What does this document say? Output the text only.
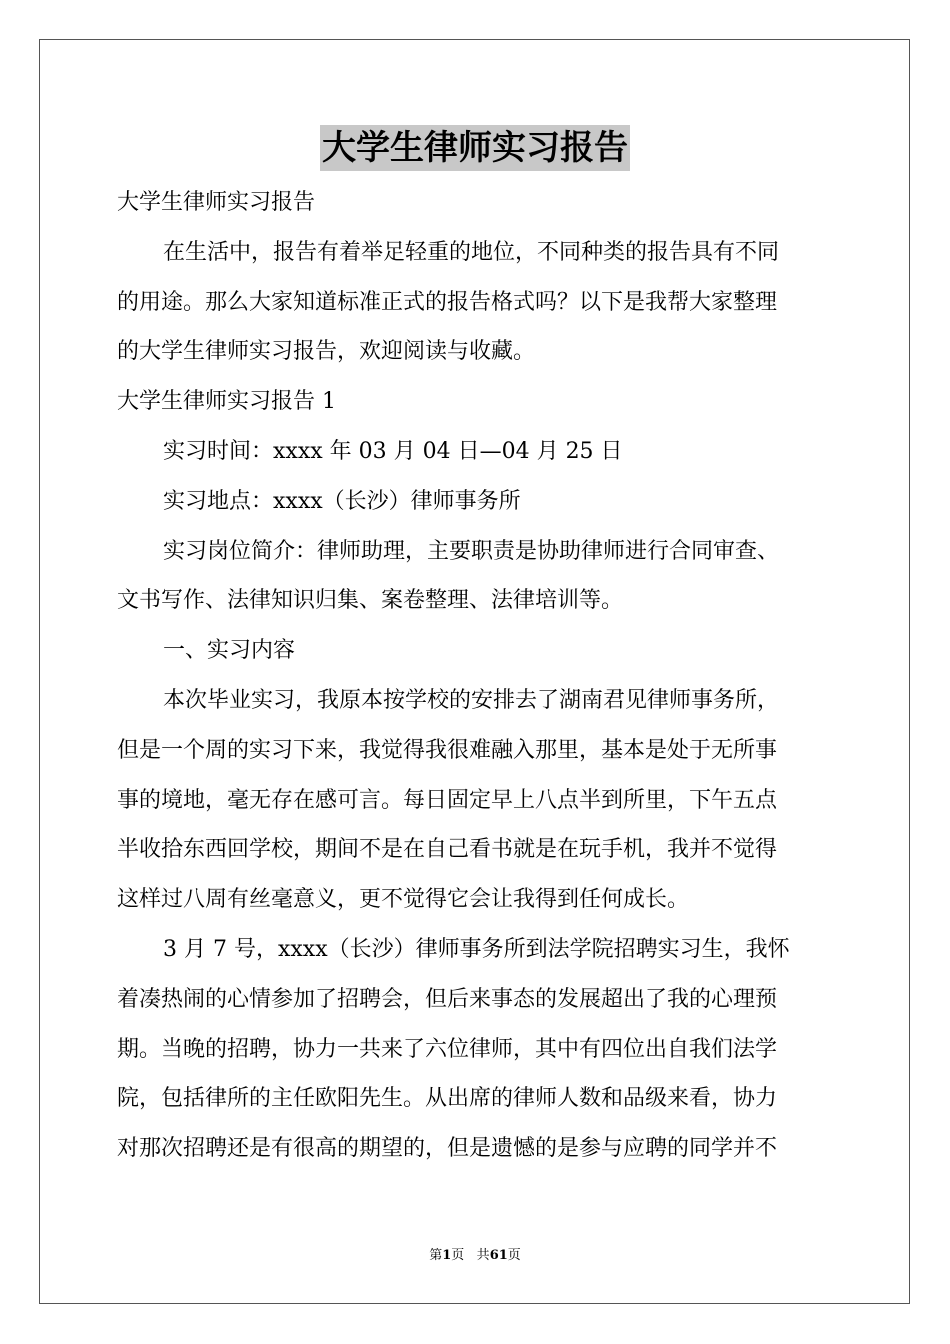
大学生律师实习报告

大学生律师实习报告

在生活中，报告有着举足轻重的地位，不同种类的报告具有不同

的用途。那么大家知道标准正式的报告格式吗？以下是我帮大家整理

的大学生律师实习报告，欢迎阅读与收藏。

大学生律师实习报告 1

实习时间：xxxx 年 03 月 04 日—04 月 25 日

实习地点：xxxx（长沙）律师事务所

实习岗位简介：律师助理，主要职责是协助律师进行合同审查、

文书写作、法律知识归集、案卷整理、法律培训等。

一、实习内容

本次毕业实习，我原本按学校的安排去了湖南君见律师事务所，

但是一个周的实习下来，我觉得我很难融入那里，基本是处于无所事

事的境地，毫无存在感可言。每日固定早上八点半到所里，下午五点

半收拾东西回学校，期间不是在自己看书就是在玩手机，我并不觉得

这样过八周有丝毫意义，更不觉得它会让我得到任何成长。

3 月 7 号，xxxx（长沙）律师事务所到法学院招聘实习生，我怀

着凑热闹的心情参加了招聘会，但后来事态的发展超出了我的心理预

期。当晚的招聘，协力一共来了六位律师，其中有四位出自我们法学

院，包括律所的主任欧阳先生。从出席的律师人数和品级来看，协力

对那次招聘还是有很高的期望的，但是遗憾的是参与应聘的同学并不

第1页 共61页
